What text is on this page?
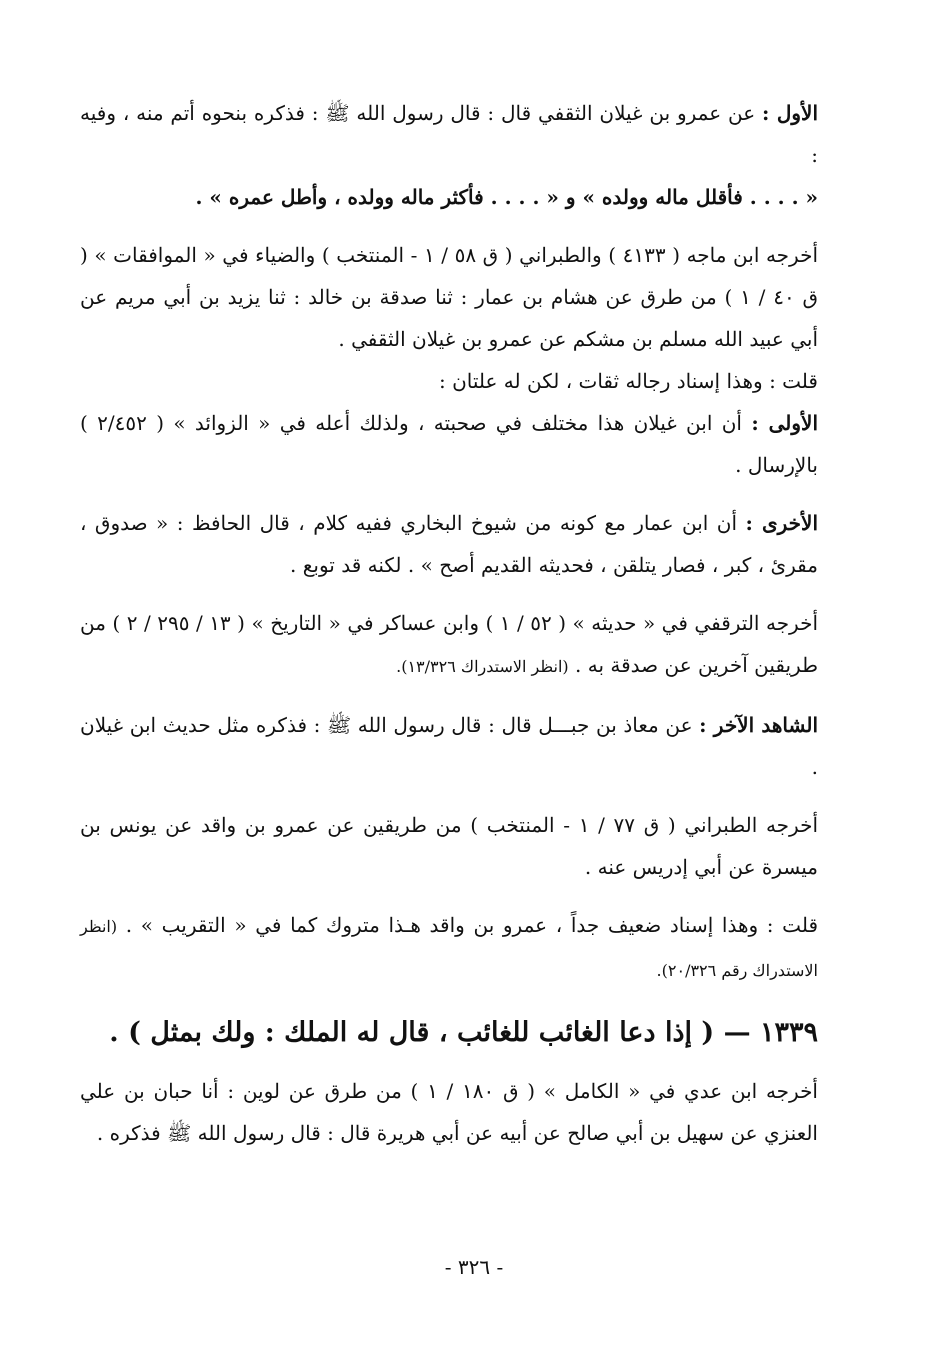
الأول : عن عمرو بن غيلان الثقفي قال : قال رسول الله ﷺ : فذكره بنحوه أتم منه ، وفيه :

« . . . . فأقلل ماله وولده » و « . . . . فأكثر ماله وولده ، وأطل عمره » .

أخرجه ابن ماجه ( ٤١٣٣ ) والطبراني ( ق ٥٨ / ١ - المنتخب ) والضياء في « الموافقات » ( ق ٤٠ / ١ ) من طرق عن هشام بن عمار : ثنا صدقة بن خالد : ثنا يزيد بن أبي مريم عن أبي عبيد الله مسلم بن مشكم عن عمرو بن غيلان الثقفي .

قلت : وهذا إسناد رجاله ثقات ، لكن له علتان :

الأولى : أن ابن غيلان هذا مختلف في صحبته ، ولذلك أعله في « الزوائد » ( ٢/٤٥٢ ) بالإرسال .

الأخرى : أن ابن عمار مع كونه من شيوخ البخاري ففيه كلام ، قال الحافظ : « صدوق ، مقرئ ، كبر ، فصار يتلقن ، فحديثه القديم أصح » . لكنه قد توبع .

أخرجه الترقفي في « حديثه » ( ٥٢ / ١ ) وابن عساكر في « التاريخ » ( ١٣ / ٢٩٥ / ٢ ) من طريقين آخرين عن صدقة به . (انظر الاستدراك ١٣/٣٢٦).

الشاهد الآخر : عن معاذ بن جبـــل قال : قال رسول الله ﷺ : فذكره مثل حديث ابن غيلان .

أخرجه الطبراني ( ق ٧٧ / ١ - المنتخب ) من طريقين عن عمرو بن واقد عن يونس بن ميسرة عن أبي إدريس عنه .

قلت : وهذا إسناد ضعيف جداً ، عمرو بن واقد هـذا متروك كما في « التقريب » . (انظر الاستدراك رقم ٢٠/٣٢٦).

١٣٣٩ — ( إذا دعا الغائب للغائب ، قال له الملك : ولك بمثل ) .

أخرجه ابن عدي في « الكامل » ( ق ١٨٠ / ١ ) من طرق عن لوين : أنا حبان بن علي العنزي عن سهيل بن أبي صالح عن أبيه عن أبي هريرة قال : قال رسول الله ﷺ فذكره .

- ٣٢٦ -
